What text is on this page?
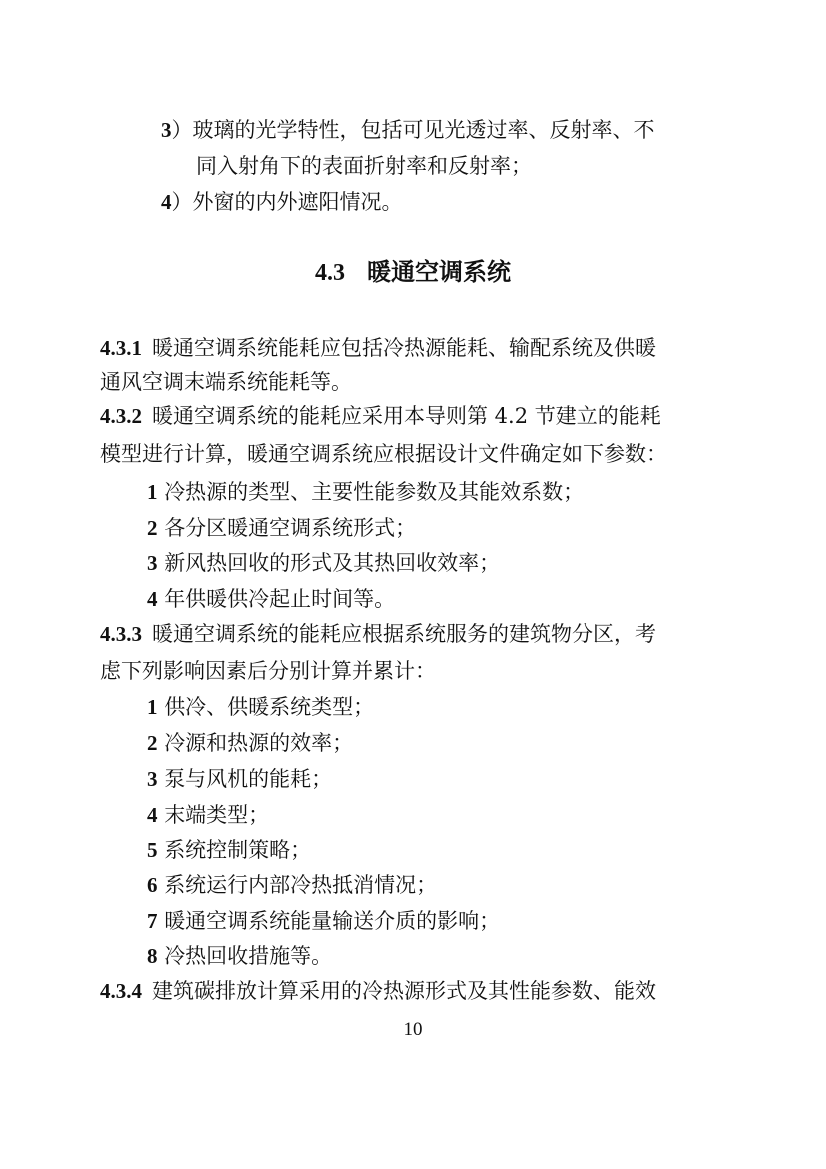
3）玻璃的光学特性，包括可见光透过率、反射率、不
同入射角下的表面折射率和反射率；
4）外窗的内外遮阳情况。
4.3 暖通空调系统
4.3.1 暖通空调系统能耗应包括冷热源能耗、输配系统及供暖
通风空调末端系统能耗等。
4.3.2 暖通空调系统的能耗应采用本导则第 4.2 节建立的能耗
模型进行计算，暖通空调系统应根据设计文件确定如下参数：
1 冷热源的类型、主要性能参数及其能效系数；
2 各分区暖通空调系统形式；
3 新风热回收的形式及其热回收效率；
4 年供暖供冷起止时间等。
4.3.3 暖通空调系统的能耗应根据系统服务的建筑物分区，考
虑下列影响因素后分别计算并累计：
1 供冷、供暖系统类型；
2 冷源和热源的效率；
3 泵与风机的能耗；
4 末端类型；
5 系统控制策略；
6 系统运行内部冷热抵消情况；
7 暖通空调系统能量输送介质的影响；
8 冷热回收措施等。
4.3.4 建筑碳排放计算采用的冷热源形式及其性能参数、能效
10
